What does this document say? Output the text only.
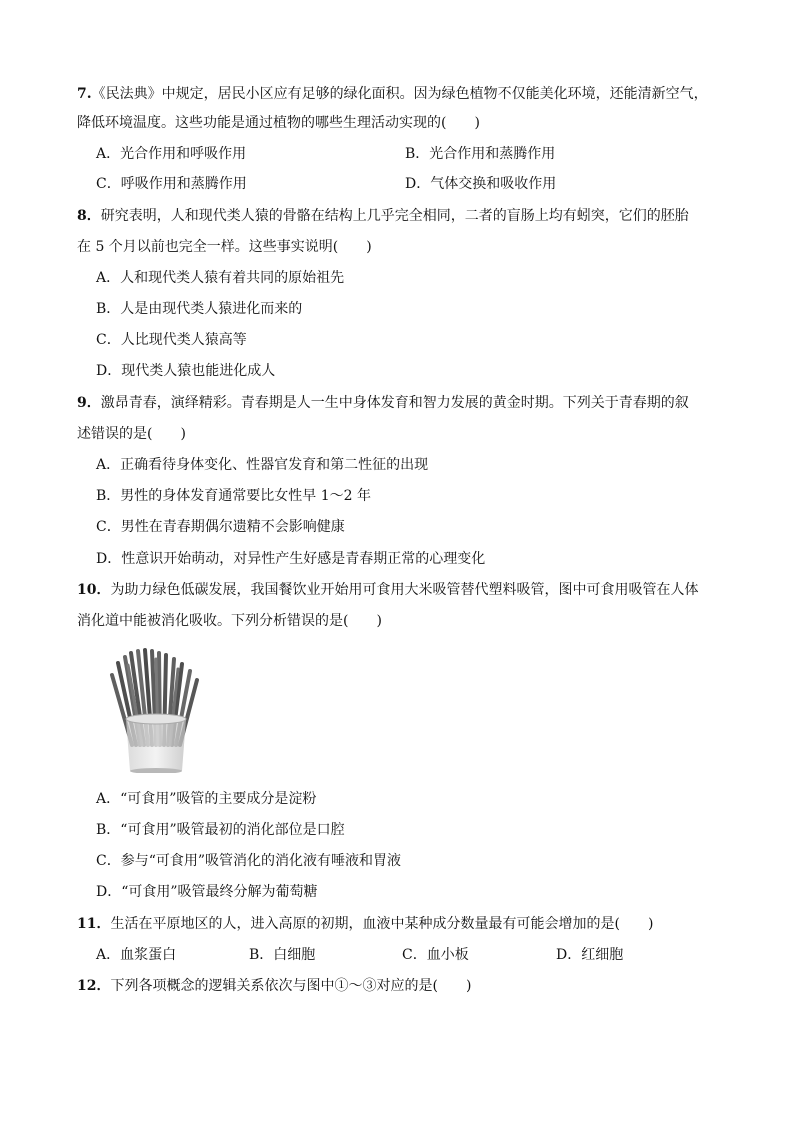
7.《民法典》中规定，居民小区应有足够的绿化面积。因为绿色植物不仅能美化环境，还能清新空气，
降低环境温度。这些功能是通过植物的哪些生理活动实现的(　　)
A．光合作用和呼吸作用	B．光合作用和蒸腾作用
C．呼吸作用和蒸腾作用	D．气体交换和吸收作用
8．研究表明，人和现代类人猿的骨骼在结构上几乎完全相同，二者的盲肠上均有蚓突，它们的胚胎
在 5 个月以前也完全一样。这些事实说明(　　)
A．人和现代类人猿有着共同的原始祖先
B．人是由现代类人猿进化而来的
C．人比现代类人猿高等
D．现代类人猿也能进化成人
9．激昂青春，演绎精彩。青春期是人一生中身体发育和智力发展的黄金时期。下列关于青春期的叙
述错误的是(　　)
A．正确看待身体变化、性器官发育和第二性征的出现
B．男性的身体发育通常要比女性早 1～2 年
C．男性在青春期偶尔遗精不会影响健康
D．性意识开始萌动，对异性产生好感是青春期正常的心理变化
10．为助力绿色低碳发展，我国餐饮业开始用可食用大米吸管替代塑料吸管，图中可食用吸管在人体
消化道中能被消化吸收。下列分析错误的是(　　)
A．“可食用”吸管的主要成分是淀粉
B．“可食用”吸管最初的消化部位是口腔
C．参与“可食用”吸管消化的消化液有唾液和胃液
D．“可食用”吸管最终分解为葡萄糖
11．生活在平原地区的人，进入高原的初期，血液中某种成分数量最有可能会增加的是(　　)
A．血浆蛋白	B．白细胞	C．血小板	D．红细胞
12．下列各项概念的逻辑关系依次与图中①～③对应的是(　　)
